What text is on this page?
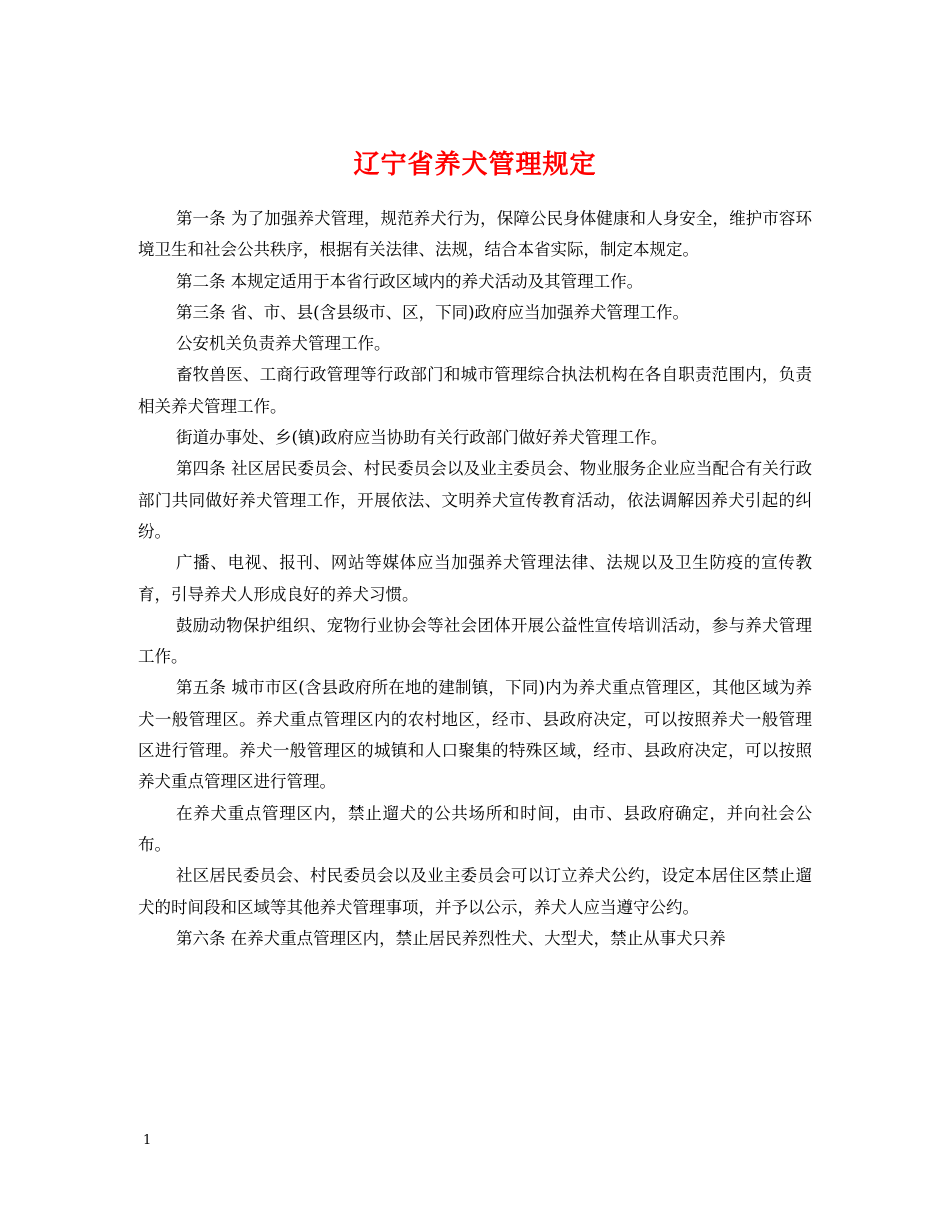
辽宁省养犬管理规定

第一条 为了加强养犬管理，规范养犬行为，保障公民身体健康和人身安全，维护市容环境卫生和社会公共秩序，根据有关法律、法规，结合本省实际，制定本规定。

第二条 本规定适用于本省行政区域内的养犬活动及其管理工作。

第三条 省、市、县(含县级市、区，下同)政府应当加强养犬管理工作。

公安机关负责养犬管理工作。

畜牧兽医、工商行政管理等行政部门和城市管理综合执法机构在各自职责范围内，负责相关养犬管理工作。

街道办事处、乡(镇)政府应当协助有关行政部门做好养犬管理工作。

第四条 社区居民委员会、村民委员会以及业主委员会、物业服务企业应当配合有关行政部门共同做好养犬管理工作，开展依法、文明养犬宣传教育活动，依法调解因养犬引起的纠纷。

广播、电视、报刊、网站等媒体应当加强养犬管理法律、法规以及卫生防疫的宣传教育，引导养犬人形成良好的养犬习惯。

鼓励动物保护组织、宠物行业协会等社会团体开展公益性宣传培训活动，参与养犬管理工作。

第五条 城市市区(含县政府所在地的建制镇，下同)内为养犬重点管理区，其他区域为养犬一般管理区。养犬重点管理区内的农村地区，经市、县政府决定，可以按照养犬一般管理区进行管理。养犬一般管理区的城镇和人口聚集的特殊区域，经市、县政府决定，可以按照养犬重点管理区进行管理。

在养犬重点管理区内，禁止遛犬的公共场所和时间，由市、县政府确定，并向社会公布。

社区居民委员会、村民委员会以及业主委员会可以订立养犬公约，设定本居住区禁止遛犬的时间段和区域等其他养犬管理事项，并予以公示，养犬人应当遵守公约。

第六条 在养犬重点管理区内，禁止居民养烈性犬、大型犬，禁止从事犬只养

1
